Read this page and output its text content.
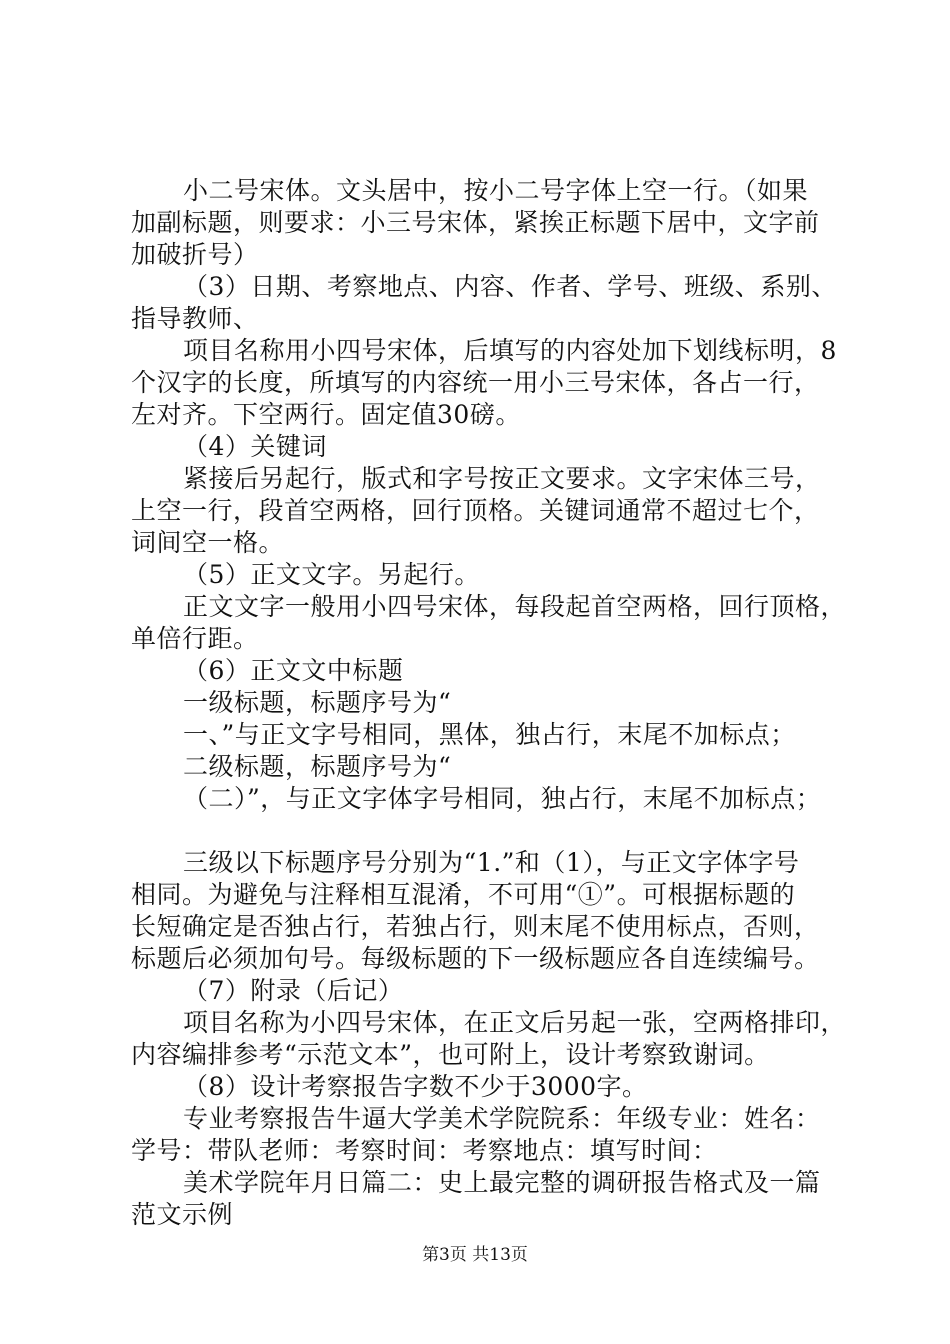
小二号宋体。文头居中，按小二号字体上空一行。（如果
加副标题，则要求：小三号宋体，紧挨正标题下居中，文字前
加破折号）
（3）日期、考察地点、内容、作者、学号、班级、系别、
指导教师、
项目名称用小四号宋体，后填写的内容处加下划线标明，8
个汉字的长度，所填写的内容统一用小三号宋体，各占一行，
左对齐。下空两行。固定值30磅。
（4）关键词
紧接后另起行，版式和字号按正文要求。文字宋体三号，
上空一行，段首空两格，回行顶格。关键词通常不超过七个，
词间空一格。
（5）正文文字。另起行。
正文文字一般用小四号宋体，每段起首空两格，回行顶格，
单倍行距。
（6）正文文中标题
一级标题，标题序号为“
一、”与正文字号相同，黑体，独占行，末尾不加标点；
二级标题，标题序号为“
（二）”，与正文字体字号相同，独占行，末尾不加标点；
三级以下标题序号分别为“1.”和（1），与正文字体字号
相同。为避免与注释相互混淆，不可用“①”。可根据标题的
长短确定是否独占行，若独占行，则末尾不使用标点，否则，
标题后必须加句号。每级标题的下一级标题应各自连续编号。
（7）附录（后记）
项目名称为小四号宋体，在正文后另起一张，空两格排印，
内容编排参考“示范文本”，也可附上，设计考察致谢词。
（8）设计考察报告字数不少于3000字。
专业考察报告牛逼大学美术学院院系：年级专业：姓名：
学号：带队老师：考察时间：考察地点：填写时间：
美术学院年月日篇二：史上最完整的调研报告格式及一篇
范文示例
第3页 共13页
